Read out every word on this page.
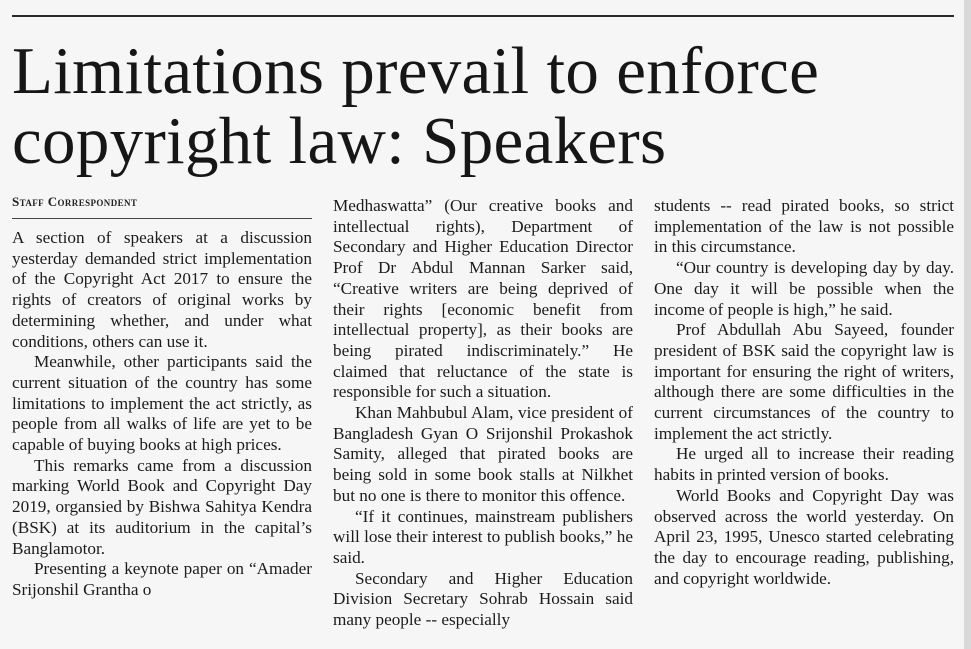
Limitations prevail to enforce copyright law: Speakers
Staff Correspondent

A section of speakers at a discussion yesterday demanded strict implementation of the Copyright Act 2017 to ensure the rights of creators of original works by determining whether, and under what conditions, others can use it.

Meanwhile, other participants said the current situation of the country has some limitations to implement the act strictly, as people from all walks of life are yet to be capable of buying books at high prices.

This remarks came from a discussion marking World Book and Copyright Day 2019, organsied by Bishwa Sahitya Kendra (BSK) at its auditorium in the capital’s Banglamotor.

Presenting a keynote paper on “Amader Srijonshil Grantha o

Medhaswatta” (Our creative books and intellectual rights), Department of Secondary and Higher Education Director Prof Dr Abdul Mannan Sarker said, “Creative writers are being deprived of their rights [economic benefit from intellectual property], as their books are being pirated indiscriminately.” He claimed that reluctance of the state is responsible for such a situation.

Khan Mahbubul Alam, vice president of Bangladesh Gyan O Srijonshil Prokashok Samity, alleged that pirated books are being sold in some book stalls at Nilkhet but no one is there to monitor this offence.

“If it continues, mainstream publishers will lose their interest to publish books,” he said.

Secondary and Higher Education Division Secretary Sohrab Hossain said many people -- especially

students -- read pirated books, so strict implementation of the law is not possible in this circumstance.

“Our country is developing day by day. One day it will be possible when the income of people is high,” he said.

Prof Abdullah Abu Sayeed, founder president of BSK said the copyright law is important for ensuring the right of writers, although there are some difficulties in the current circumstances of the country to implement the act strictly.

He urged all to increase their reading habits in printed version of books.

World Books and Copyright Day was observed across the world yesterday. On April 23, 1995, Unesco started celebrating the day to encourage reading, publishing, and copyright worldwide.
